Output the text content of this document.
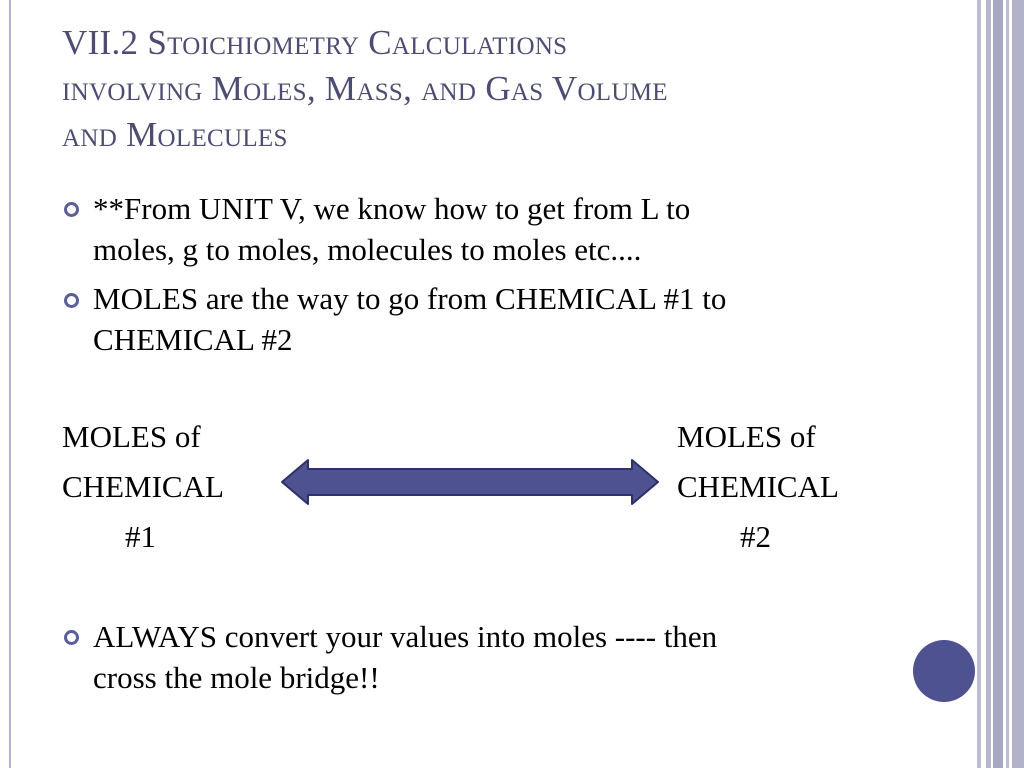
VII.2 Stoichiometry Calculations
involving Moles, Mass, and Gas Volume
and Molecules
**From UNIT V, we know how to get from L to
moles, g to moles, molecules to moles etc....
MOLES are the way to go from CHEMICAL #1 to
CHEMICAL #2
MOLES of
CHEMICAL
#1
MOLES of
CHEMICAL
#2
ALWAYS convert your values into moles ---- then
cross the mole bridge!!
